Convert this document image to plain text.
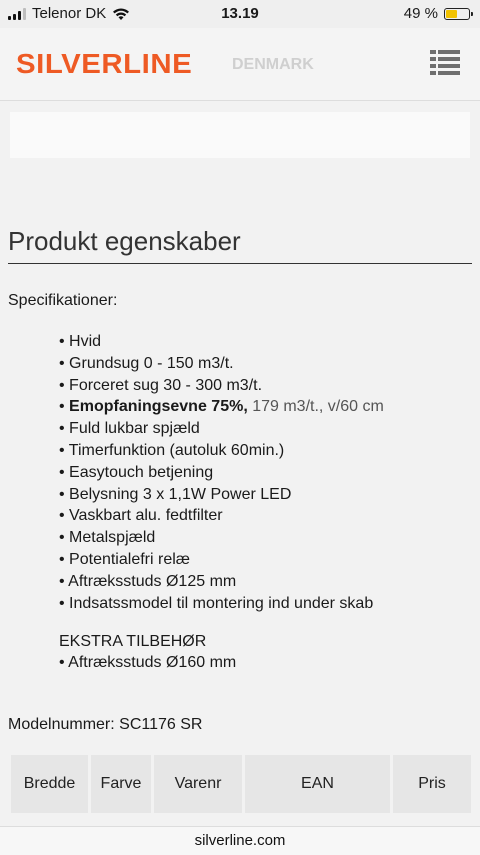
Telenor DK	13.19	49 %
SILVERLINE DENMARK
Produkt egenskaber
Specifikationer:
• Hvid
• Grundsug 0 - 150 m3/t.
• Forceret sug 30 - 300 m3/t.
• Emopfaningsevne 75%, 179 m3/t., v/60 cm
• Fuld lukbar spjæld
• Timerfunktion (autoluk 60min.)
• Easytouch betjening
• Belysning 3 x 1,1W Power LED
• Vaskbart alu. fedtfilter
• Metalspjæld
• Potentialefri relæ
• Aftræksstuds Ø125 mm
• Indsatssmodel til montering ind under skab
EKSTRA TILBEHØR
• Aftræksstuds Ø160 mm
Modelnummer: SC1176 SR
Bredde	Farve	Varenr	EAN	Pris
silverline.com
